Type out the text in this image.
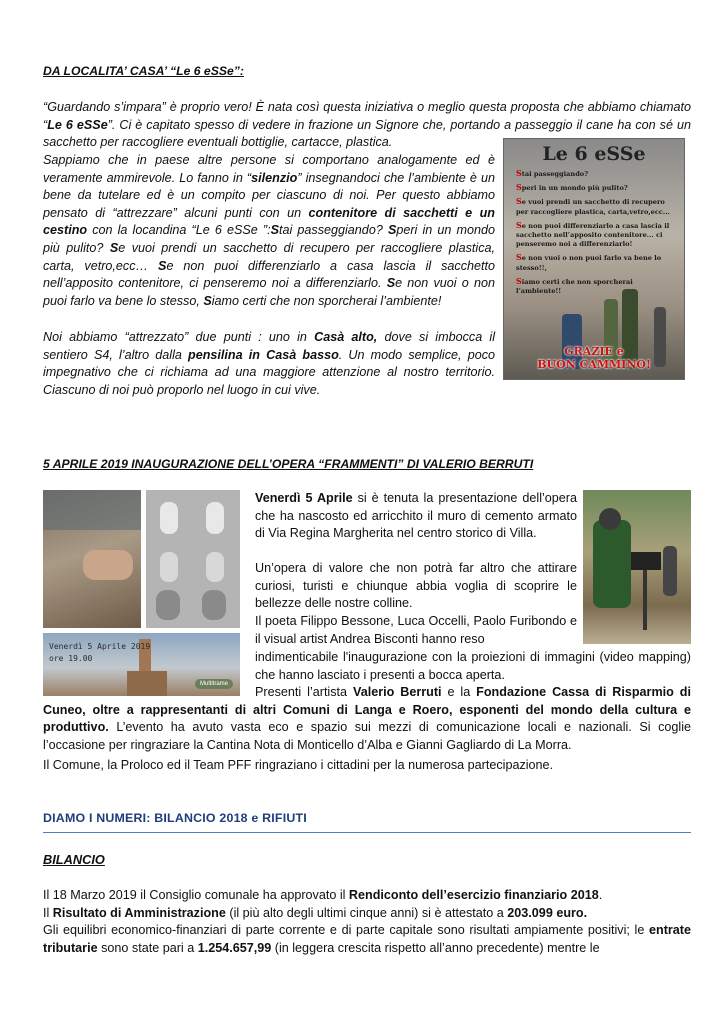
DA LOCALITA’ CASA’ “Le 6 eSSe”:
“Guardando s’impara” è proprio vero! È nata così questa iniziativa o meglio questa proposta che abbiamo chiamato “Le 6 eSSe”. Ci è capitato spesso di vedere in frazione un Signore che, portando a passeggio il cane ha con sé un sacchetto per raccogliere eventuali bottiglie, cartacce, plastica.
Sappiamo che in paese altre persone si comportano analogamente ed è veramente ammirevole. Lo fanno in “silenzio” insegnandoci che l’ambiente è un bene da tutelare ed è un compito per ciascuno di noi. Per questo abbiamo pensato di “attrezzare” alcuni punti con un contenitore di sacchetti e un cestino con la locandina “Le 6 eSSe ”:Stai passeggiando? Speri in un mondo più pulito? Se vuoi prendi un sacchetto di recupero per raccogliere plastica, carta, vetro,ecc… Se non puoi differenziarlo a casa lascia il sacchetto nell’apposito contenitore, ci penseremo noi a differenziarlo. Se non vuoi o non puoi farlo va bene lo stesso, Siamo certi che non sporcherai l’ambiente!
Noi abbiamo “attrezzato” due punti : uno in Casà alto, dove si imbocca il sentiero S4, l’altro dalla pensilina in Casà basso. Un modo semplice, poco impegnativo che ci richiama ad una maggiore attenzione al nostro territorio. Ciascuno di noi può proporlo nel luogo in cui vive.
Le 6 eSSe
Stai passeggiando?
Speri in un mondo più pulito?
Se vuoi prendi un sacchetto di recupero per raccogliere plastica, carta,vetro,ecc...
Se non puoi differenziarlo a casa lascia il sacchetto nell’apposito contenitore... ci penseremo noi a differenziarlo!
Se non vuoi o non puoi farlo va bene lo stesso!!,
Siamo certi che non sporcherai l’ambiente!!
GRAZIE e
BUON CAMMINO!
5 APRILE 2019 INAUGURAZIONE DELL’OPERA “FRAMMENTI” DI VALERIO BERRUTI
Venerdì 5 Aprile 2019
ore 19.00
Multitrame
Venerdì 5 Aprile si è tenuta la presentazione dell’opera che ha nascosto ed arricchito il muro di cemento armato di Via Regina Margherita nel centro storico di Villa.
Un’opera di valore che non potrà far altro che attirare curiosi, turisti e chiunque abbia voglia di scoprire le bellezze delle nostre colline.
Il poeta Filippo Bessone, Luca Occelli, Paolo Furibondo e il visual artist Andrea Bisconti hanno reso
indimenticabile l'inaugurazione con la proiezioni di immagini (video mapping) che hanno lasciato i presenti a bocca aperta.
Presenti l’artista Valerio Berruti e la Fondazione Cassa di Risparmio di Cuneo, oltre a rappresentanti di altri Comuni di Langa e Roero, esponenti del mondo della cultura e produttivo. L’evento ha avuto vasta eco e spazio sui mezzi di comunicazione locali e nazionali. Si coglie l’occasione per ringraziare la Cantina Nota di Monticello d’Alba e Gianni Gagliardo di La Morra.
Il Comune, la Proloco ed il Team PFF ringraziano i cittadini per la numerosa partecipazione.
DIAMO I NUMERI: BILANCIO 2018 e RIFIUTI
BILANCIO

Il 18 Marzo 2019 il Consiglio comunale ha approvato il Rendiconto dell’esercizio finanziario 2018.

Il Risultato di Amministrazione (il più alto degli ultimi cinque anni) si è attestato a 203.099 euro.

Gli equilibri economico-finanziari di parte corrente e di parte capitale sono risultati ampiamente positivi; le entrate tributarie sono state pari a 1.254.657,99 (in leggera crescita rispetto all’anno precedente) mentre le
